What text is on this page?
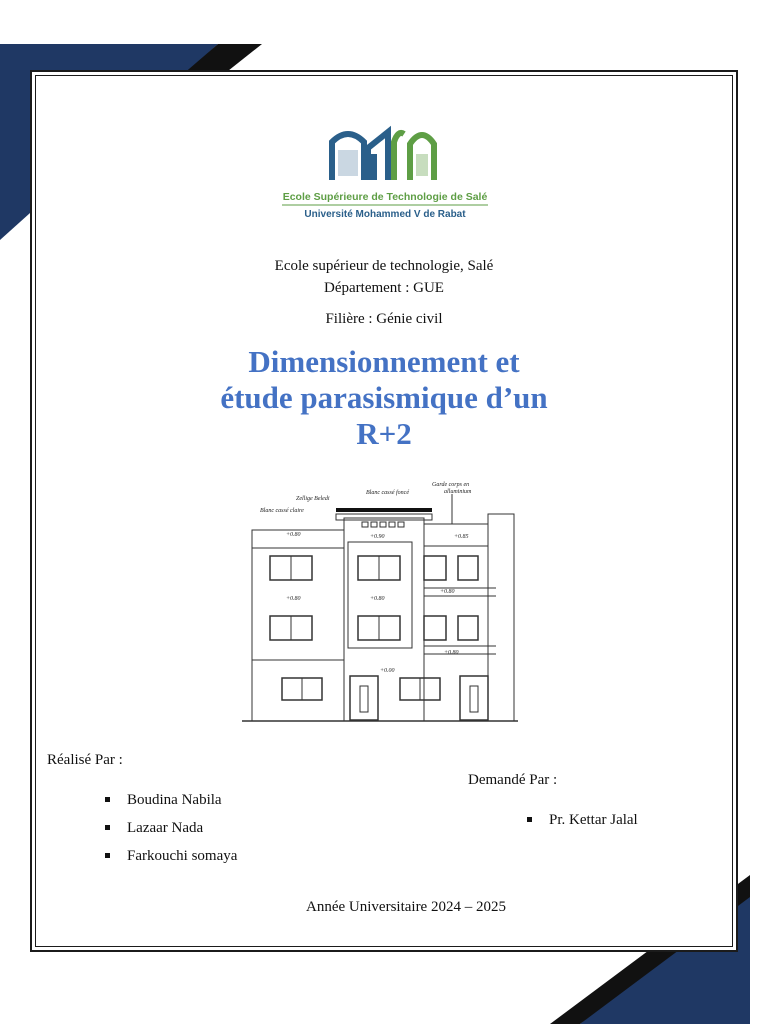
Ecole Supérieure de Technologie de Salé
Université Mohammed V de Rabat
Ecole supérieur de technologie, Salé
Département : GUE
Filière : Génie civil
Dimensionnement et
étude parasismique d’un
R+2
Zellige Beledi
Blanc cassé foncé
Garde corps en
alluminium
Blanc cassé claire
+0.80	+0.90	+0.85
+0.80
+0.80	+0.80
+0.80
+0.00
Réalisé Par :
Boudina Nabila
Lazaar Nada
Farkouchi somaya
Demandé Par :
Pr. Kettar Jalal
Année Universitaire 2024 – 2025
